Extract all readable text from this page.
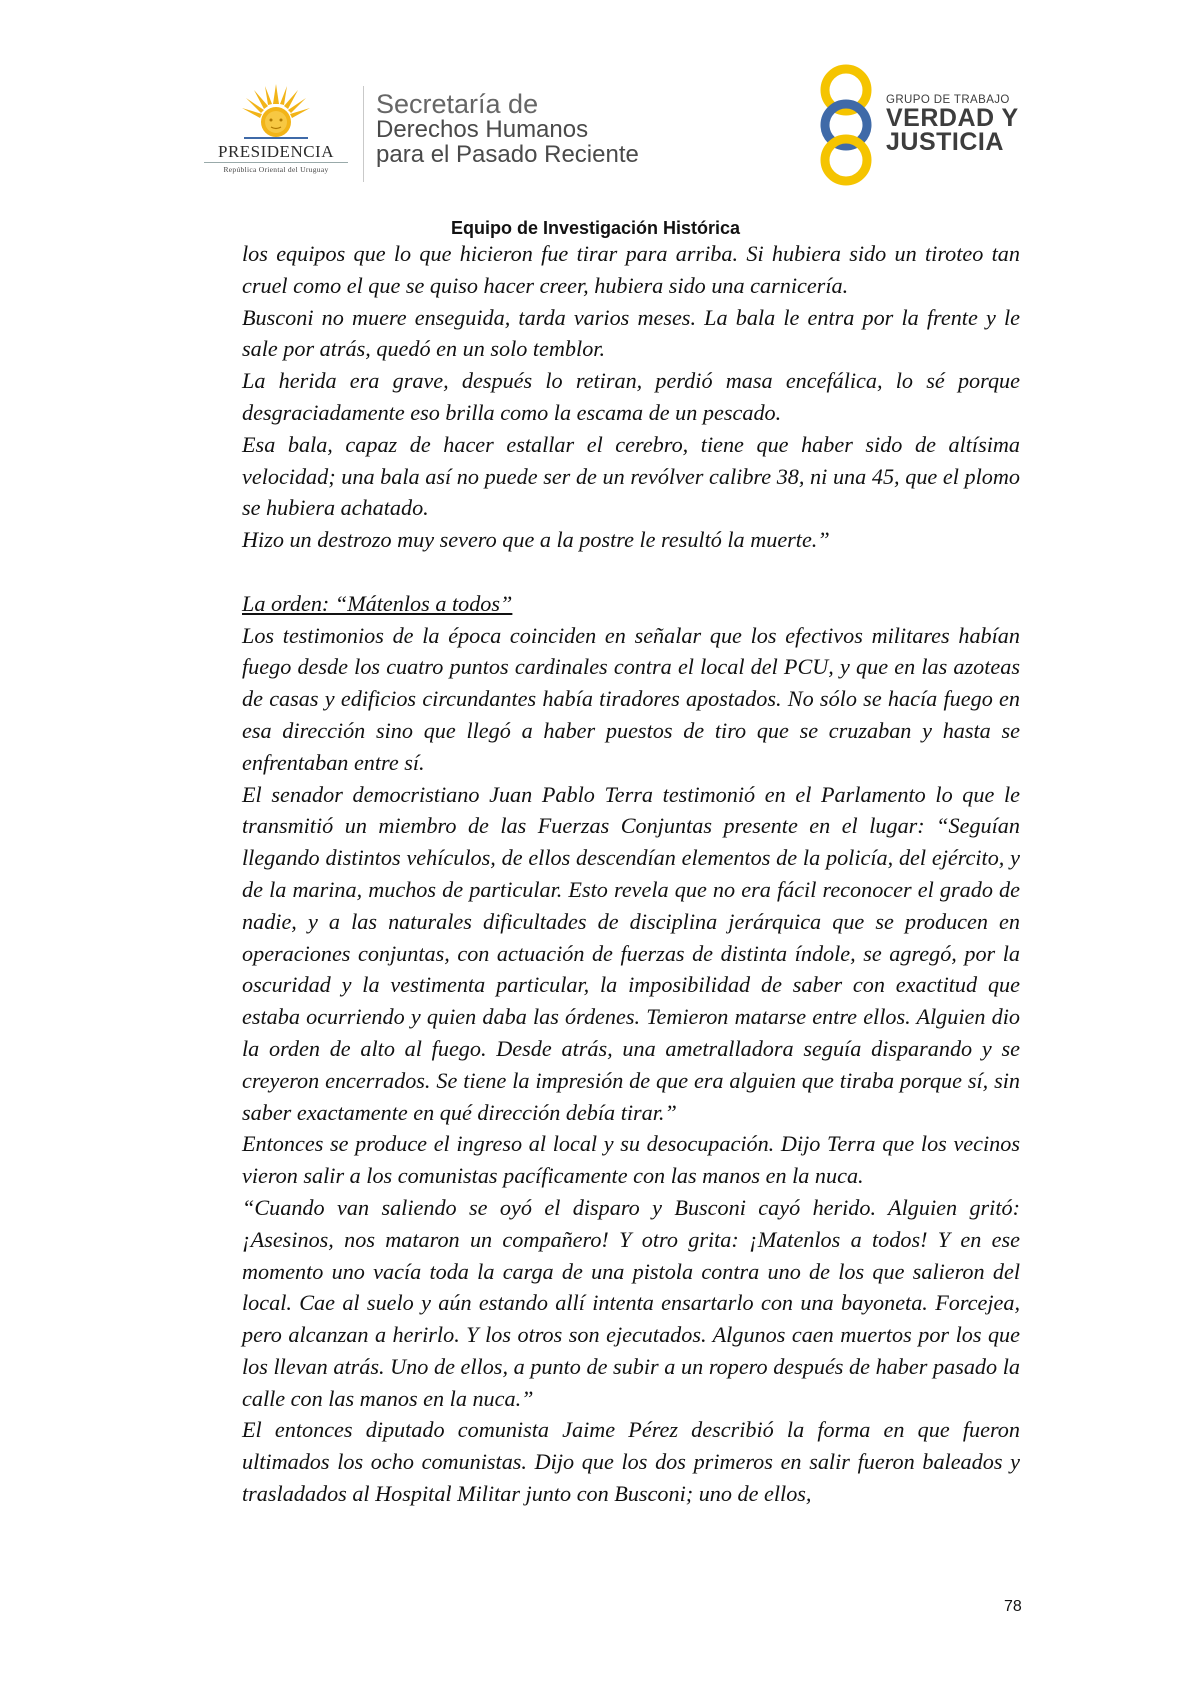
PRESIDENCIA
República Oriental del Uruguay
Secretaría de
Derechos Humanos
para el Pasado Reciente
GRUPO DE TRABAJO
VERDAD Y
JUSTICIA
Equipo de Investigación Histórica

los equipos que lo que hicieron fue tirar para arriba. Si hubiera sido un tiroteo tan cruel como el que se quiso hacer creer, hubiera sido una carnicería.

Busconi no muere enseguida, tarda varios meses. La bala le entra por la frente y le sale por atrás, quedó en un solo temblor.

La herida era grave, después lo retiran, perdió masa encefálica, lo sé porque desgraciadamente eso brilla como la escama de un pescado.

Esa bala, capaz de hacer estallar el cerebro, tiene que haber sido de altísima velocidad; una bala así no puede ser de un revólver calibre 38, ni una 45, que el plomo se hubiera achatado.

Hizo un destrozo muy severo que a la postre le resultó la muerte.”

La orden: “Mátenlos a todos”

Los testimonios de la época coinciden en señalar que los efectivos militares habían fuego desde los cuatro puntos cardinales contra el local del PCU, y que en las azoteas de casas y edificios circundantes había tiradores apostados. No sólo se hacía fuego en esa dirección sino que llegó a haber puestos de tiro que se cruzaban y hasta se enfrentaban entre sí.

El senador democristiano Juan Pablo Terra testimonió en el Parlamento lo que le transmitió un miembro de las Fuerzas Conjuntas presente en el lugar: “Seguían llegando distintos vehículos, de ellos descendían elementos de la policía, del ejército, y de la marina, muchos de particular. Esto revela que no era fácil reconocer el grado de nadie, y a las naturales dificultades de disciplina jerárquica que se producen en operaciones conjuntas, con actuación de fuerzas de distinta índole, se agregó, por la oscuridad y la vestimenta particular, la imposibilidad de saber con exactitud que estaba ocurriendo y quien daba las órdenes. Temieron matarse entre ellos. Alguien dio la orden de alto al fuego. Desde atrás, una ametralladora seguía disparando y se creyeron encerrados. Se tiene la impresión de que era alguien que tiraba porque sí, sin saber exactamente en qué dirección debía tirar.”

Entonces se produce el ingreso al local y su desocupación. Dijo Terra que los vecinos vieron salir a los comunistas pacíficamente con las manos en la nuca.

“Cuando van saliendo se oyó el disparo y Busconi cayó herido. Alguien gritó: ¡Asesinos, nos mataron un compañero! Y otro grita: ¡Matenlos a todos! Y en ese momento uno vacía toda la carga de una pistola contra uno de los que salieron del local. Cae al suelo y aún estando allí intenta ensartarlo con una bayoneta. Forcejea, pero alcanzan a herirlo. Y los otros son ejecutados. Algunos caen muertos por los que los llevan atrás. Uno de ellos, a punto de subir a un ropero después de haber pasado la calle con las manos en la nuca.”

El entonces diputado comunista Jaime Pérez describió la forma en que fueron ultimados los ocho comunistas. Dijo que los dos primeros en salir fueron baleados y trasladados al Hospital Militar junto con Busconi; uno de ellos,

78
